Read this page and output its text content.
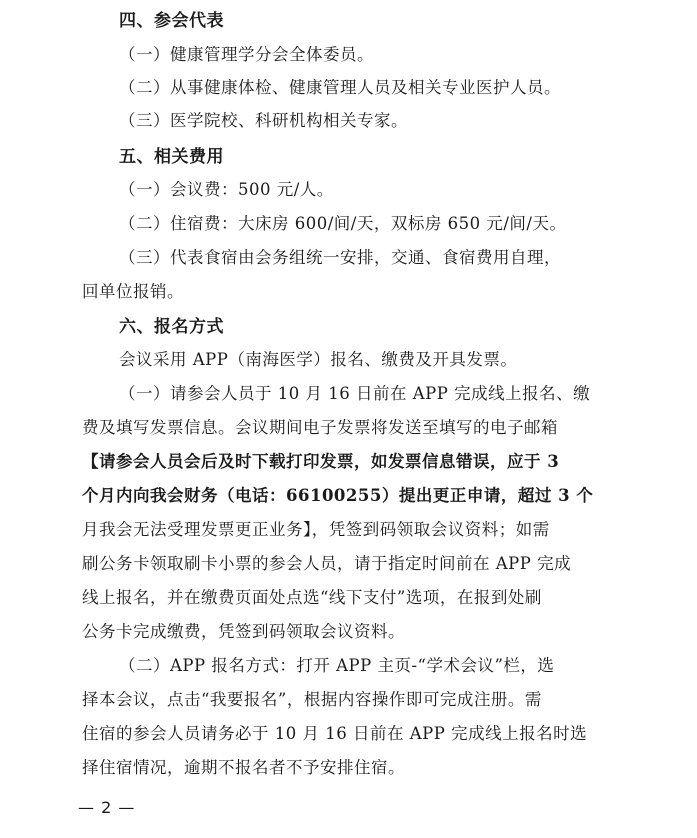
四、参会代表
（一）健康管理学分会全体委员。
（二）从事健康体检、健康管理人员及相关专业医护人员。
（三）医学院校、科研机构相关专家。
五、相关费用
（一）会议费：500 元/人。
（二）住宿费：大床房 600/间/天，双标房 650 元/间/天。
（三）代表食宿由会务组统一安排，交通、食宿费用自理，
回单位报销。
六、报名方式
会议采用 APP（南海医学）报名、缴费及开具发票。
（一）请参会人员于 10 月 16 日前在 APP 完成线上报名、缴
费及填写发票信息。会议期间电子发票将发送至填写的电子邮箱
【请参会人员会后及时下载打印发票，如发票信息错误，应于 3
个月内向我会财务（电话：66100255）提出更正申请，超过 3 个
月我会无法受理发票更正业务】，凭签到码领取会议资料；如需
刷公务卡领取刷卡小票的参会人员，请于指定时间前在 APP 完成
线上报名，并在缴费页面处点选“线下支付”选项，在报到处刷
公务卡完成缴费，凭签到码领取会议资料。
（二）APP 报名方式：打开 APP 主页-“学术会议”栏，选
择本会议，点击“我要报名”，根据内容操作即可完成注册。需
住宿的参会人员请务必于 10 月 16 日前在 APP 完成线上报名时选
择住宿情况，逾期不报名者不予安排住宿。
— 2 —
